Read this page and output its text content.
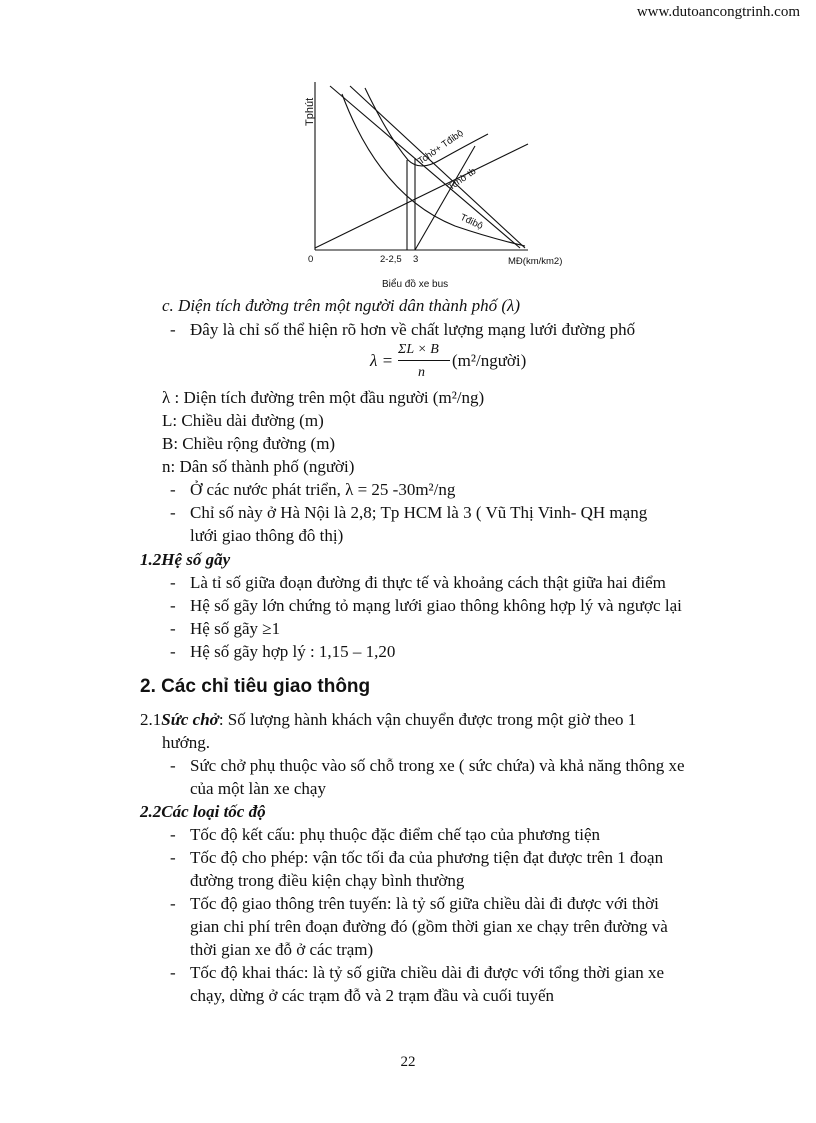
www.dutoancongtrinh.com
Tphút
0	2-2,5 3	MĐ(km/km2)
Tchờ+ Tđibộ
Tchờ tb
Tđibộ
Biểu đồ xe bus
c. Diện tích đường trên một người dân thành phố (λ)
- Đây là chỉ số thể hiện rõ hơn về chất lượng mạng lưới đường phố
λ =
ΣL × B
n
(m²/người)
λ : Diện tích đường trên một đầu người (m²/ng)
L: Chiều dài đường (m)
B: Chiều rộng đường (m)
n: Dân số thành phố (người)
- Ở các nước phát triển, λ = 25 -30m²/ng
- Chỉ số này ở Hà Nội là 2,8; Tp HCM là 3 ( Vũ Thị Vinh- QH mạng
lưới giao thông đô thị)
1.2Hệ số gãy
- Là tỉ số giữa đoạn đường đi thực tế và khoảng cách thật giữa hai điểm
- Hệ số gãy lớn chứng tỏ mạng lưới giao thông không hợp lý và ngược lại
- Hệ số gãy ≥1
- Hệ số gãy hợp lý : 1,15 – 1,20
2. Các chỉ tiêu giao thông
2.1Sức chở: Số lượng hành khách vận chuyển được trong một giờ theo 1
hướng.
- Sức chở phụ thuộc vào số chỗ trong xe ( sức chứa) và khả năng thông xe
của một làn xe chạy
2.2Các loại tốc độ
- Tốc độ kết cấu: phụ thuộc đặc điểm chế tạo của phương tiện
- Tốc độ cho phép: vận tốc tối đa của phương tiện đạt được trên 1 đoạn
đường trong điều kiện chạy bình thường
- Tốc độ giao thông trên tuyến: là tỷ số giữa chiều dài đi được với thời
gian chi phí trên đoạn đường đó (gồm thời gian xe chạy trên đường và
thời gian xe đỗ ở các trạm)
- Tốc độ khai thác: là tỷ số giữa chiều dài đi được với tổng thời gian xe
chạy, dừng ở các trạm đỗ và 2 trạm đầu và cuối tuyến
22
